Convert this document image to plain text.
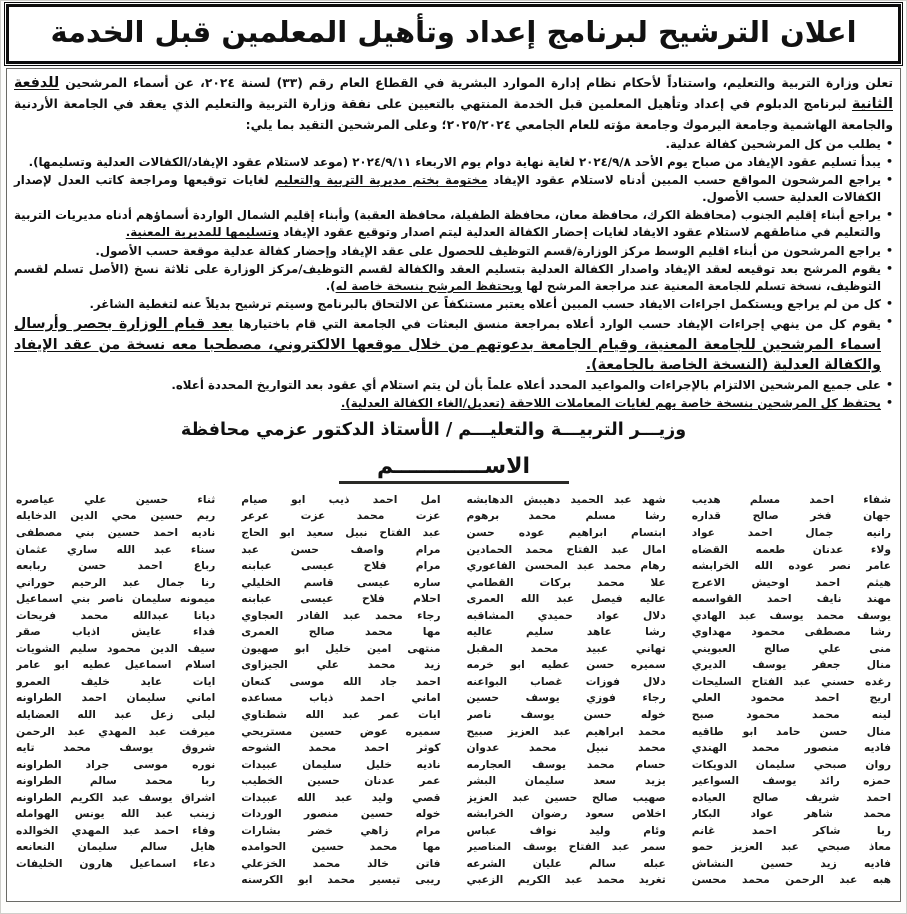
اعلان الترشيح لبرنامج إعداد وتأهيل المعلمين قبل الخدمة

تعلن وزارة التربية والتعليم، واستناداً لأحكام نظام إدارة الموارد البشرية في القطاع العام رقم (٣٣) لسنة ٢٠٢٤، عن أسماء المرشحين للدفعة الثانية لبرنامج الدبلوم في إعداد وتأهيل المعلمين قبل الخدمة المنتهي بالتعيين على نفقة وزارة التربية والتعليم الذي يعقد في الجامعة الأردنية والجامعة الهاشمية وجامعة اليرموك وجامعة مؤته للعام الجامعي ٢٠٢٥/٢٠٢٤؛ وعلى المرشحين التقيد بما يلي:

•
يطلب من كل المرشحين كفالة عدلية.
•
يبدأ تسليم عقود الإيفاد من صباح يوم الأحد ٢٠٢٤/٩/٨ لغاية نهاية دوام يوم الاربعاء ٢٠٢٤/٩/١١ (موعد لاستلام عقود الإيفاد/الكفالات العدلية وتسليمها).
•
يراجع المرشحون المواقع حسب المبين أدناه لاستلام عقود الإيفاد مختومة بختم مديرية التربية والتعليم لغايات توقيعها ومراجعة كاتب العدل لإصدار الكفالات العدلية حسب الأصول.
•
يراجع أبناء إقليم الجنوب (محافظة الكرك، محافظة معان، محافظة الطفيلة، محافظة العقبة) وأبناء إقليم الشمال الواردة أسماؤهم أدناه مديريات التربية والتعليم في مناطقهم لاستلام عقود الايفاد لغايات إحضار الكفالة العدلية ليتم اصدار وتوقيع عقود الإيفاد وتسليمها للمديرية المعنية.
•
يراجع المرشحون من أبناء اقليم الوسط مركز الوزارة/قسم التوظيف للحصول على عقد الإيفاد وإحضار كفالة عدلية موقعة حسب الأصول.
•
يقوم المرشح بعد توقيعه لعقد الإيفاد واصدار الكفالة العدلية بتسليم العقد والكفالة لقسم التوظيف/مركز الوزارة على ثلاثة نسخ (الأصل تسلم لقسم التوظيف، نسخة تسلم للجامعة المعنية عند مراجعة المرشح لها ويحتفظ المرشح بنسخة خاصة له).
•
كل من لم يراجع ويستكمل اجراءات الايفاد حسب المبين أعلاه يعتبر مستنكفاً عن الالتحاق بالبرنامج وسيتم ترشيح بديلاً عنه لتغطية الشاغر.
•
يقوم كل من ينهي إجراءات الإيفاد حسب الوارد أعلاه بمراجعة منسق البعثات في الجامعة التي قام باختيارها بعد قيام الوزارة بحصر وأرسال اسماء المرشحين للجامعة المعنية، وقيام الجامعة بدعوتهم من خلال موقعها الالكتروني، مصطحبا معه نسخة من عقد الإيفاد والكفالة العدلية (النسخة الخاصة بالجامعة).
•
على جميع المرشحين الالتزام بالإجراءات والمواعيد المحدد أعلاه علماً بأن لن يتم استلام أي عقود بعد التواريخ المحددة أعلاه.
•
يحتفظ كل المرشحين بنسخة خاصة بهم لغايات المعاملات اللاحقة (تعديل/الغاء الكفالة العدلية).
وزيـــر التربيـــة والتعليـــم / الأستاذ الدكتور عزمي محافظة
الاســــــــــــم
شفاء احمد مسلم هديب
جهان فخر صالح قداره
رانيه جمال احمد عواد
ولاء عدنان طعمه القضاه
عامر نصر عوده الله الخرابشه
هيثم احمد اوحيش الاعرج
مهند نايف احمد القواسمه
يوسف محمد يوسف عبد الهادي
رشا مصطفى محمود مهداوي
منى علي صالح العبويني
منال جعفر يوسف الديري
رغده حسني عبد الفتاح السليحات
اريج احمد محمود العلي
لينه محمد محمود صبح
منال حسن حامد ابو طاقيه
فاديه منصور محمد الهندي
روان صبحي سليمان الدويكات
حمزه رائد يوسف السواعير
احمد شريف صالح العياده
محمد شاهر عواد البكار
ربا شاكر احمد غانم
معاذ صبحي عبد العزيز حمو
فاديه زيد حسين النشاش
هبه عبد الرحمن محمد محسن
شهد عبد الحميد دهيبش الدهابشه
رشا مسلم محمد برهوم
ابتسام ابراهيم عوده حسن
امال عبد الفتاح محمد الحمادين
رهام محمد عبد المحسن الفاعوري
علا محمد بركات القطامي
عاليه فيصل عبد الله العمرى
دلال عواد حميدي المشاقبه
رشا عاهد سليم عاليه
تهاني عبيد محمد المقبل
سميره حسن عطيه ابو خرمه
دلال فوزات غصاب البواعنه
رجاء فوزي يوسف حسين
خوله حسن يوسف ناصر
محمد ابراهيم عبد العزيز صبيح
محمد نبيل محمد عدوان
حسام محمد يوسف العجارمه
يزيد سعد سليمان البشر
صهيب صالح حسين عبد العزيز
اخلاص سعود رضوان الخرابشه
وئام وليد نواف عباس
سمر عبد الفتاح يوسف المناصير
عبله سالم عليان الشرعه
تغريد محمد عبد الكريم الزعبي
امل احمد ذيب ابو صيام
عزت محمد عزت عرعر
عبد الفتاح نبيل سعيد ابو الحاج
مرام واصف حسن عبد
مرام فلاح عيسى عبابنه
ساره عيسى قاسم الخليلي
احلام فلاح عيسى عبابنه
رجاء محمد عبد القادر العجاوي
مها محمد صالح العمرى
منتهى امين خليل ابو صهيون
زيد محمد علي الجيزاوى
احمد جاد الله موسى كنعان
اماني احمد ذياب مساعده
ايات عمر عبد الله شطناوي
سميره عوض حسين مستريحي
كوثر احمد محمد الشوحه
ناديه خليل سليمان عبيدات
عمر عدنان حسين الخطيب
قصي وليد عبد الله عبيدات
خوله حسين منصور الوردات
مرام زاهي خضر بشارات
مها محمد حسين الحوامده
فاتن خالد محمد الخزعلي
ريبى تيسير محمد ابو الكرسنه
ثناء حسين علي عياصره
ريم حسين محي الدين الدخايله
ناديه احمد حسين بني مصطفى
سناء عبد الله ساري عثمان
رباع احمد حسن ربابعه
رنا جمال عبد الرحيم حوراني
ميمونه سليمان ناصر بني اسماعيل
ديانا عبدالله محمد فريحات
فداء عايش اذياب صقر
سيف الدين محمود سليم الشويات
اسلام اسماعيل عطيه ابو عامر
ايات عايد خليف العمرو
اماني سليمان احمد الطراونه
ليلى زعل عبد الله العضايله
ميرفت عبد المهدي عبد الرحمن
شروق يوسف محمد تايه
نوره موسى جراد الطراونه
ربا محمد سالم الطراونه
اشراق يوسف عبد الكريم الطراونه
زينب عبد الله يونس الهوامله
وفاء احمد عبد المهدي الخوالده
هايل سالم سليمان النعانعه
دعاء اسماعيل هارون الخليفات
